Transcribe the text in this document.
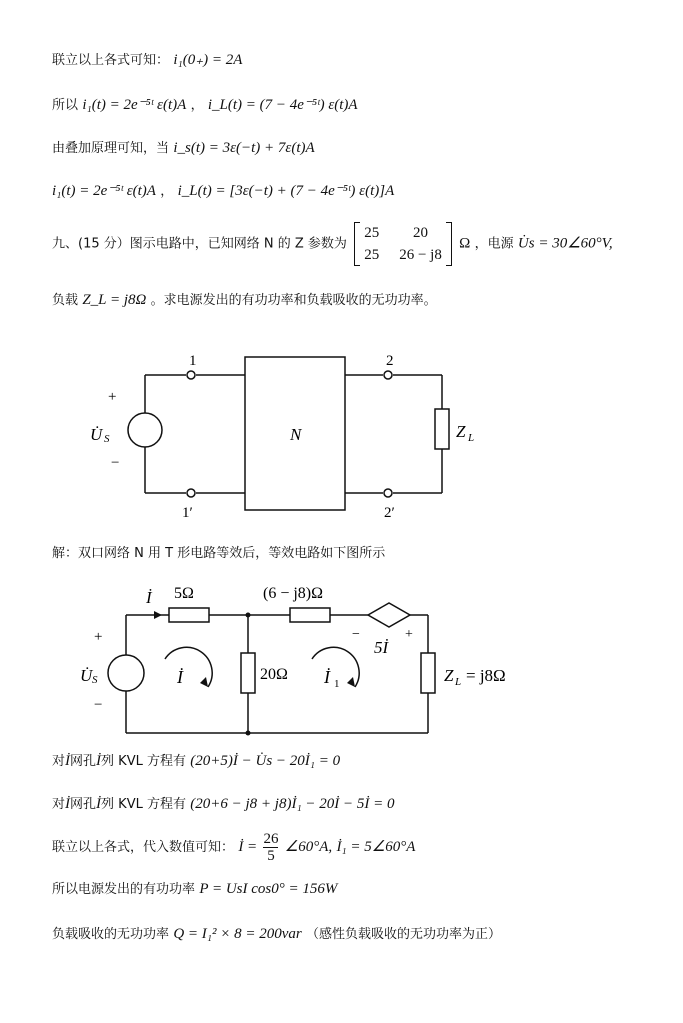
联立以上各式可知： i₁(0₊) = 2A
所以 i₁(t) = 2e⁻⁵ᵗ ε(t)A ， i_L(t) = (7 − 4e⁻⁵ᵗ) ε(t)A
由叠加原理可知，当 i_s(t) = 3ε(−t) + 7ε(t)A
i₁(t) = 2e⁻⁵ᵗ ε(t)A ， i_L(t) = [3ε(−t) + (7 − 4e⁻⁵ᵗ) ε(t)]A
九、(15 分）图示电路中，已知网络 N 的 Z 参数为
25	20
25	26 − j8
Ω ，电源 U̇s = 30∠60°V,
负载 Z_L = j8Ω 。求电源发出的有功功率和负载吸收的无功功率。
1
1′
2
2′
N
+
U̇ S
−
Z L
解：双口网络 N 用 T 形电路等效后，等效电路如下图所示
İ 5Ω	(6 − j8)Ω
−	+
5İ
20Ω
İ	İ 1
+
U̇ S
−
Z L = j8Ω
对İ网孔İ列 KVL 方程有 (20+5)İ − U̇s − 20İ₁ = 0
对İ网孔İ列 KVL 方程有 (20+6 − j8 + j8)İ₁ − 20İ − 5İ = 0
联立以上各式，代入数值可知： İ = $\frac{26}{5}$ ∠60°A, İ₁ = 5∠60°A
所以电源发出的有功功率 P = UsI cos0° = 156W
负载吸收的无功功率 Q = I₁² × 8 = 200var （感性负载吸收的无功功率为正）
